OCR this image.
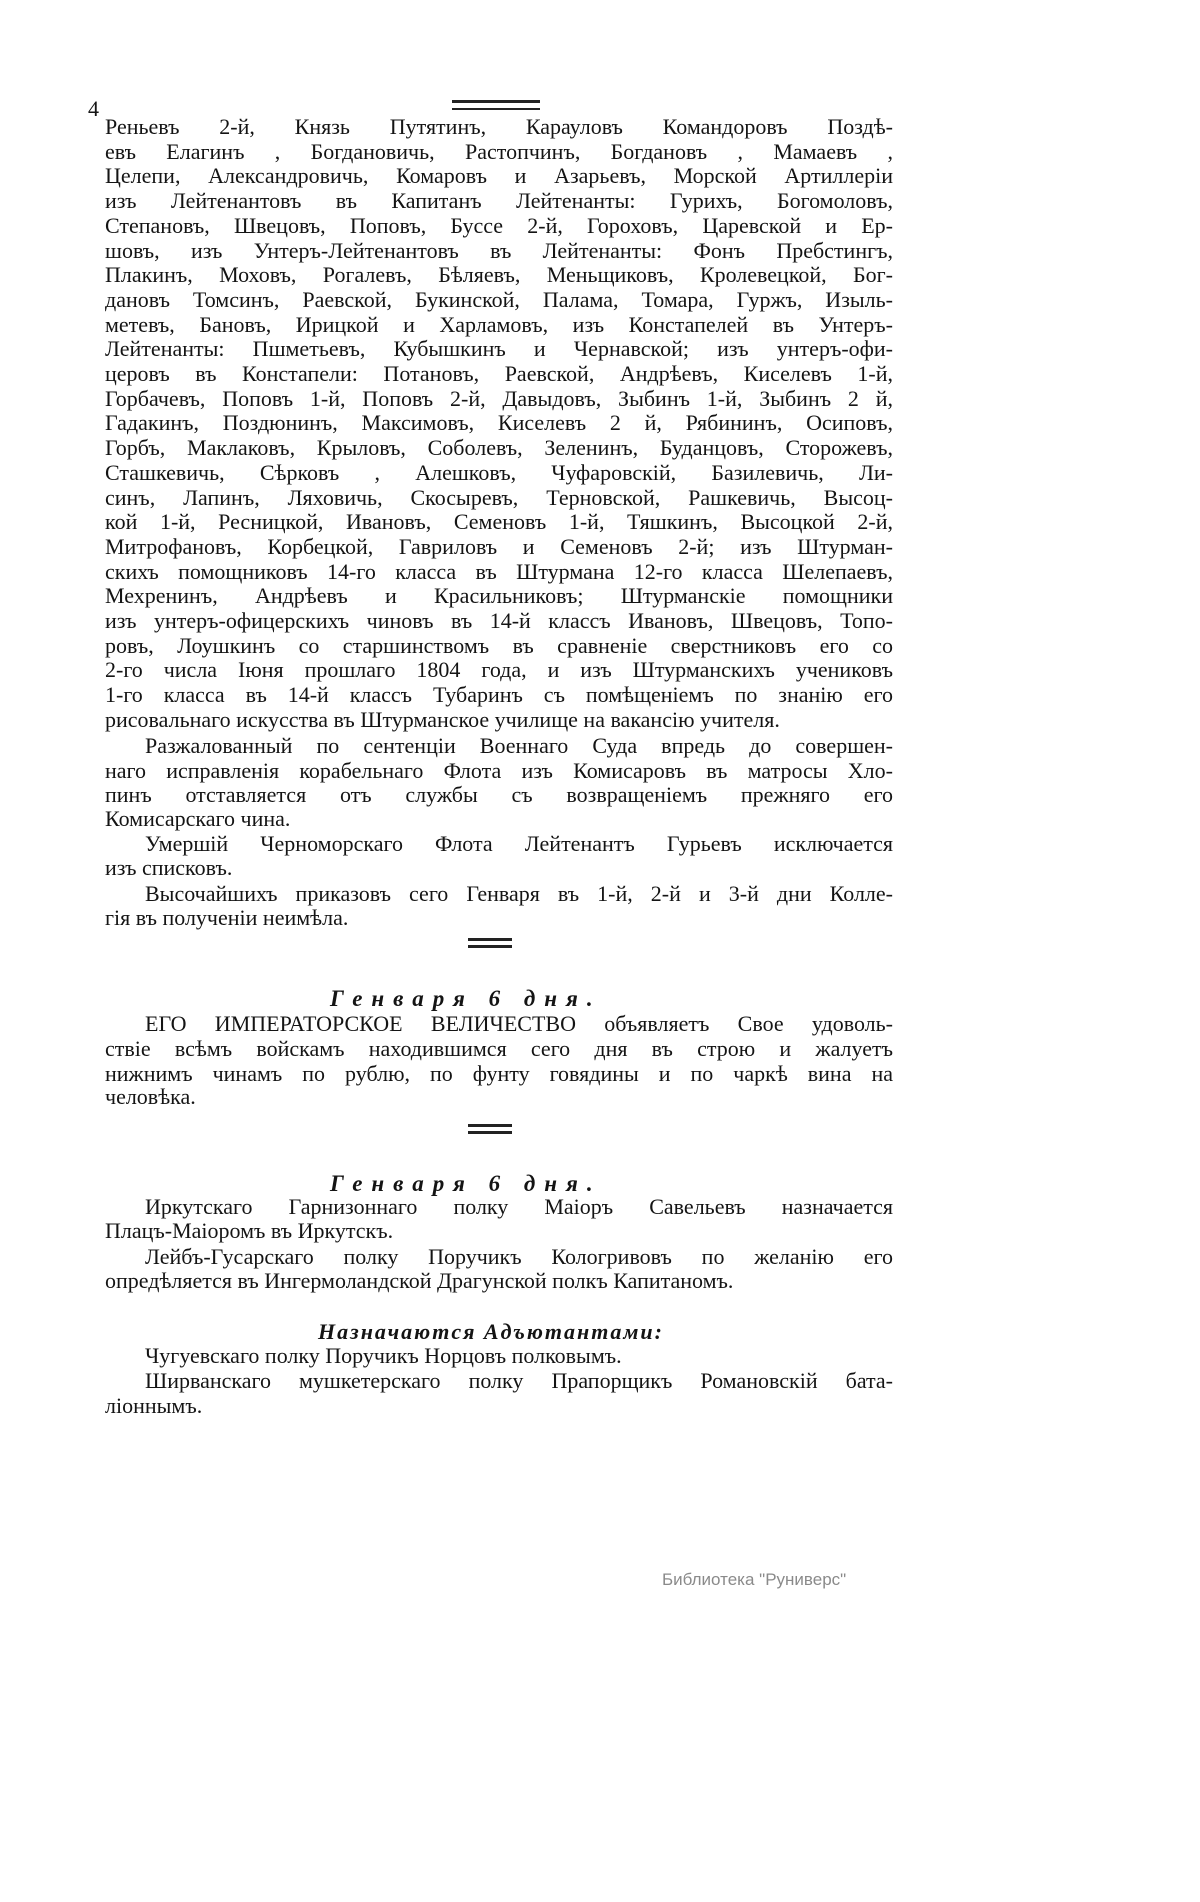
4
Реньевъ 2-й, Князь Путятинъ, Карауловъ Командоровъ Поздѣ-
евъ Елагинъ , Богдановичь, Растопчинъ, Богдановъ , Мамаевъ ,
Целепи, Александровичь, Комаровъ и Азарьевъ, Морской Артиллеріи
изъ Лейтенантовъ въ Капитанъ Лейтенанты: Гурихъ, Богомоловъ,
Степановъ, Швецовъ, Поповъ, Буссе 2-й, Гороховъ, Царевской и Ер-
шовъ, изъ Унтеръ-Лейтенантовъ въ Лейтенанты: Фонъ Пребстингъ,
Плакинъ, Моховъ, Рогалевъ, Бѣляевъ, Меньщиковъ, Кролевецкой, Бог-
дановъ Томсинъ, Раевской, Букинской, Палама, Томара, Гуржъ, Изыль-
метевъ, Бановъ, Ирицкой и Харламовъ, изъ Констапелей въ Унтеръ-
Лейтенанты: Пшметьевъ, Кубышкинъ и Чернавской; изъ унтеръ-офи-
церовъ въ Констапели: Потановъ, Раевской, Андрѣевъ, Киселевъ 1-й,
Горбачевъ, Поповъ 1-й, Поповъ 2-й, Давыдовъ, Зыбинъ 1-й, Зыбинъ 2 й,
Гадакинъ, Поздюнинъ, Максимовъ, Киселевъ 2 й, Рябининъ, Осиповъ,
Горбъ, Маклаковъ, Крыловъ, Соболевъ, Зеленинъ, Буданцовъ, Сторожевъ,
Сташкевичь, Сѣрковъ , Алешковъ, Чуфаровскій, Базилевичь, Ли-
синъ, Лапинъ, Ляховичь, Скосыревъ, Терновской, Рашкевичь, Высоц-
кой 1-й, Ресницкой, Ивановъ, Семеновъ 1-й, Тяшкинъ, Высоцкой 2-й,
Митрофановъ, Корбецкой, Гавриловъ и Семеновъ 2-й; изъ Штурман-
скихъ помощниковъ 14-го класса въ Штурмана 12-го класса Шелепаевъ,
Мехренинъ, Андрѣевъ и Красильниковъ; Штурманскіе помощники
изъ унтеръ-офицерскихъ чиновъ въ 14-й классъ Ивановъ, Швецовъ, Топо-
ровъ, Лоушкинъ со старшинствомъ въ сравненіе сверстниковъ его со
2-го числа Іюня прошлаго 1804 года, и изъ Штурманскихъ учениковъ
1-го класса въ 14-й классъ Тубаринъ съ помѣщеніемъ по знанію его
рисовальнаго искусства въ Штурманское училище на вакансію учителя.
Разжалованный по сентенціи Военнаго Суда впредь до совершен-
наго исправленія корабельнаго Флота изъ Комисаровъ въ матросы Хло-
пинъ отставляется отъ службы съ возвращеніемъ прежняго его
Комисарскаго чина.
Умершій Черноморскаго Флота Лейтенантъ Гурьевъ исключается
изъ списковъ.
Высочайшихъ приказовъ сего Генваря въ 1-й, 2-й и 3-й дни Колле-
гія въ полученіи неимѣла.
Генваря 6 дня.
ЕГО ИМПЕРАТОРСКОЕ ВЕЛИЧЕСТВО объявляетъ Свое удоволь-
ствіе всѣмъ войскамъ находившимся сего дня въ строю и жалуетъ
нижнимъ чинамъ по рублю, по фунту говядины и по чаркѣ вина на
человѣка.
Генваря 6 дня.
Иркутскаго Гарнизоннаго полку Маіоръ Савельевъ назначается
Плацъ-Маіоромъ въ Иркутскъ.
Лейбъ-Гусарскаго полку Поручикъ Кологривовъ по желанію его
опредѣляется въ Ингермоландской Драгунской полкъ Капитаномъ.
Назначаются Адъютантами:
Чугуевскаго полку Поручикъ Норцовъ полковымъ.
Ширванскаго мушкетерскаго полку Прапорщикъ Романовскій бата-
ліоннымъ.
Библиотека "Руниверс"
